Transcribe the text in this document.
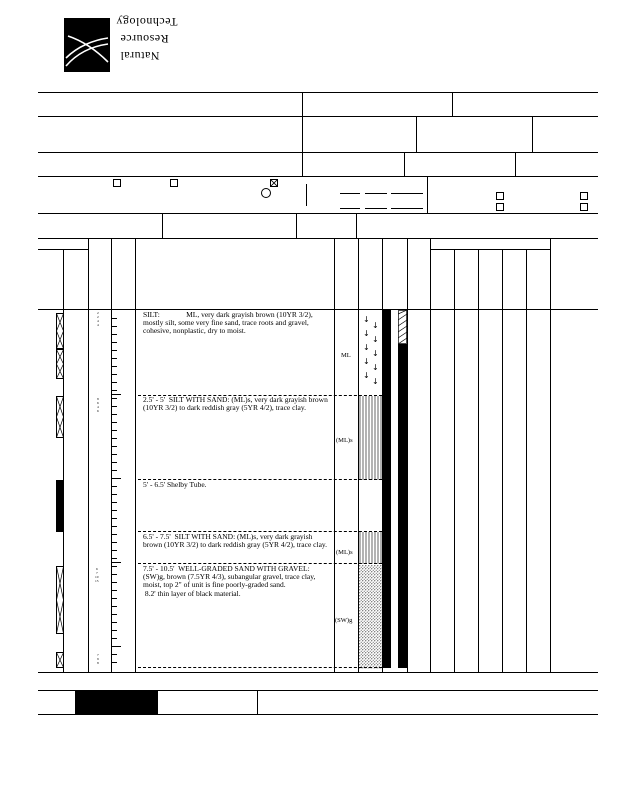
Technology
Resource
Natural
2
2
4
4
8
6
4
6
6
7
10
15
7
9
8
SILT:              ML, very dark grayish brown (10YR 3/2), mostly silt, some very fine sand, trace roots and gravel, cohesive, nonplastic, dry to moist.
2.5' - 5'  SILT WITH SAND: (ML)s, very dark grayish brown (10YR 3/2) to dark reddish gray (5YR 4/2), trace clay.
5' - 6.5' Shelby Tube.
6.5' - 7.5'  SILT WITH SAND: (ML)s, very dark grayish brown (10YR 3/2) to dark reddish gray (5YR 4/2), trace clay.
7.5' - 10.5'  WELL-GRADED SAND WITH GRAVEL: (SW)g, brown (7.5YR 4/3), subangular gravel, trace clay,  moist, top 2" of unit is fine poorly-graded sand.
8.2' thin layer of black material.
ML
(ML)s
(ML)s
(SW)g
↓
↓
↓
↓
↓
↓
↓
↓
↓
↓
